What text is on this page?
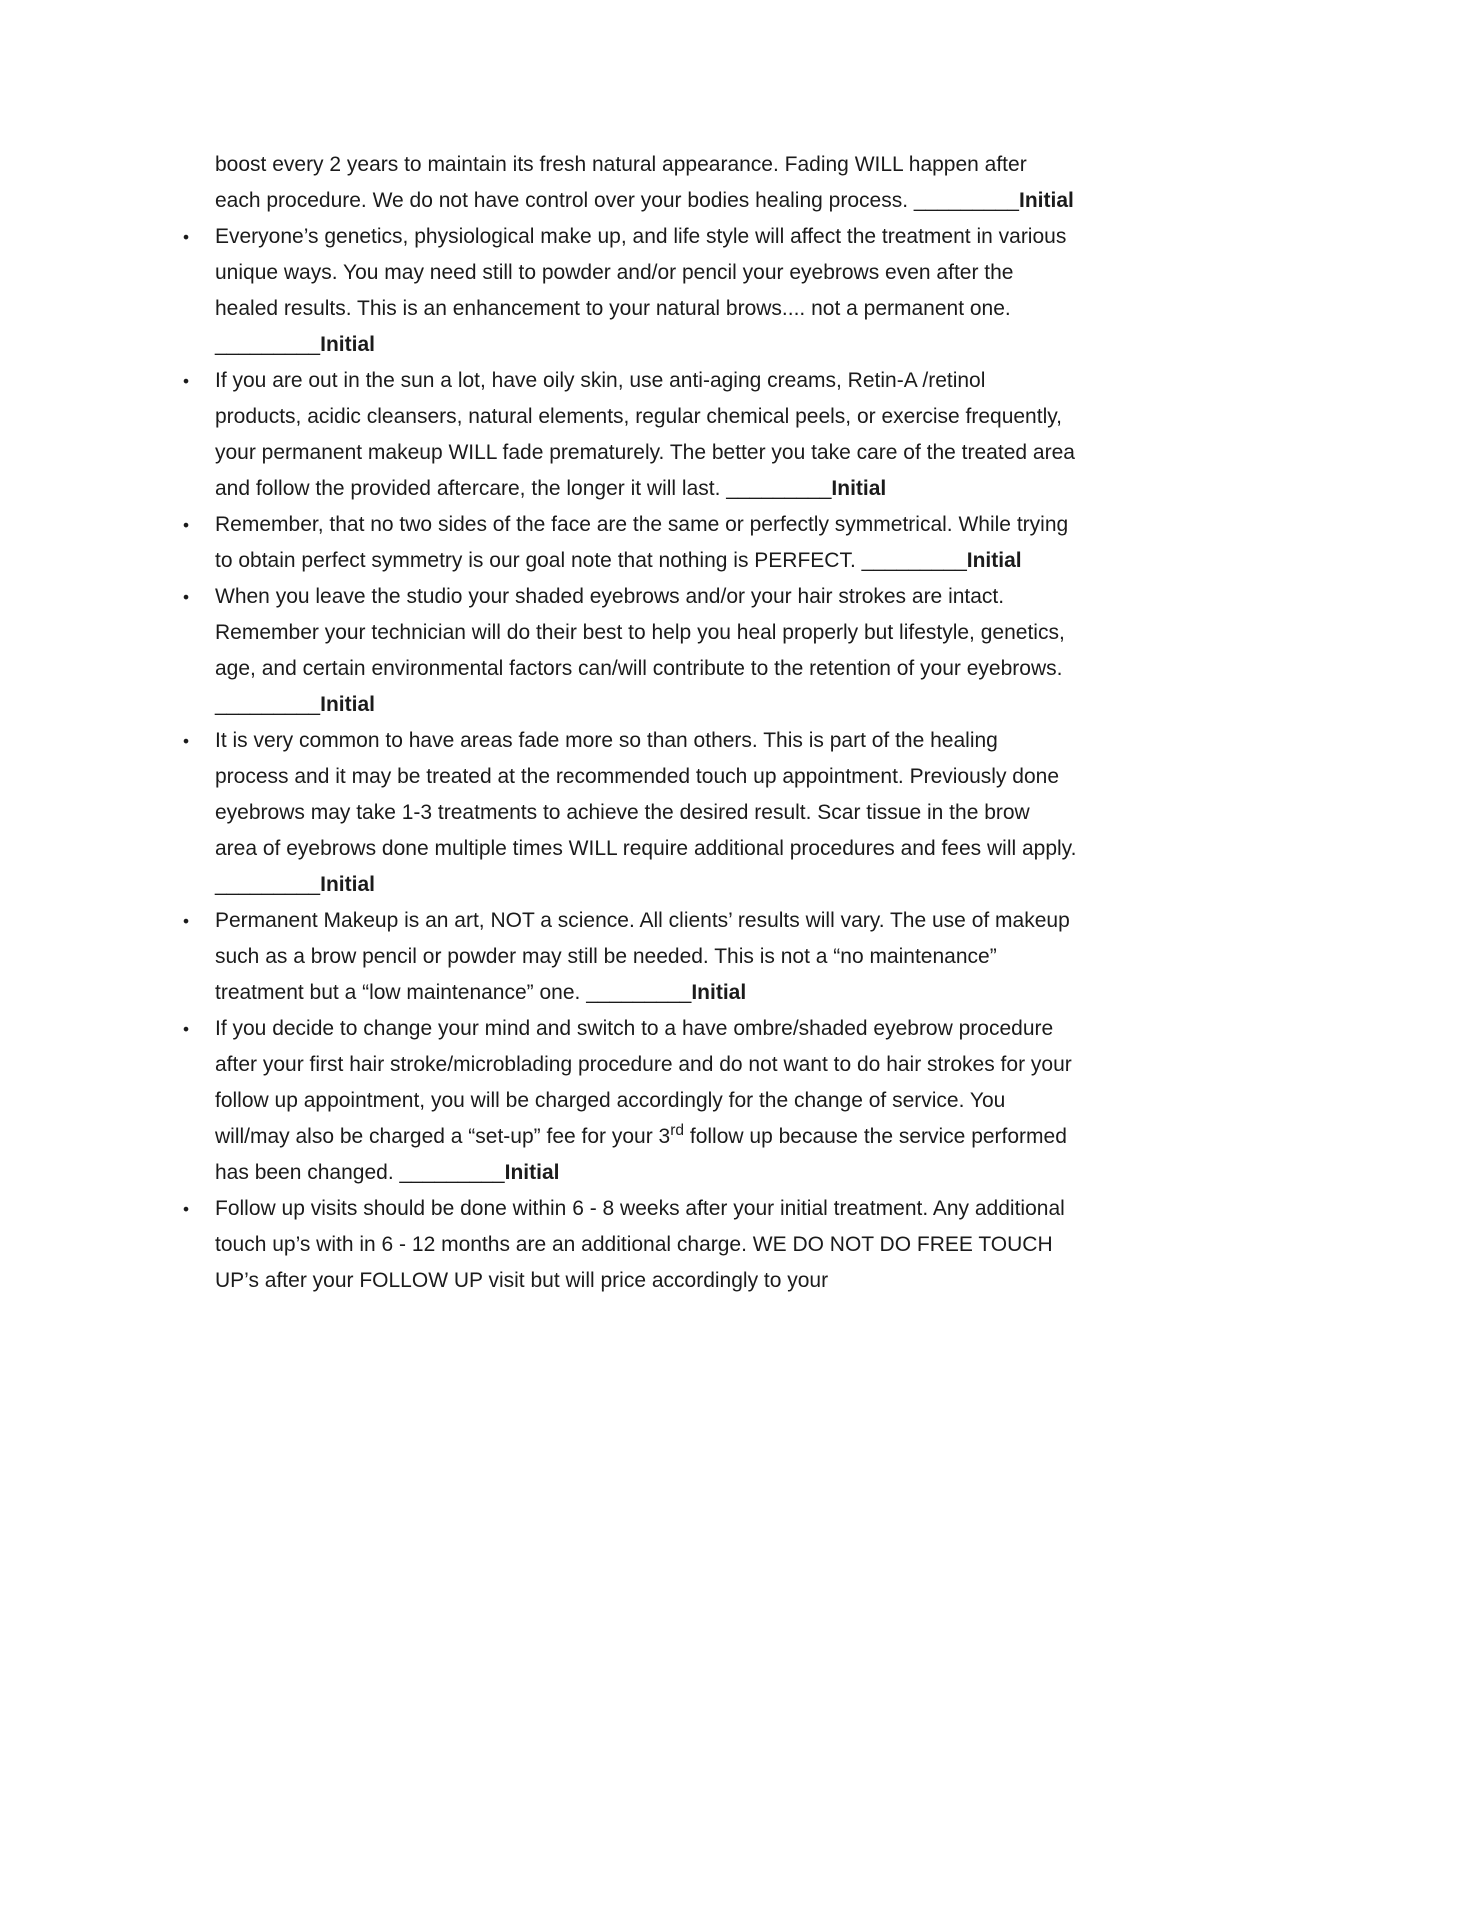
boost every 2 years to maintain its fresh natural appearance. Fading WILL happen after each procedure. We do not have control over your bodies healing process. _________Initial

• Everyone’s genetics, physiological make up, and life style will affect the treatment in various unique ways. You may need still to powder and/or pencil your eyebrows even after the healed results. This is an enhancement to your natural brows.... not a permanent one. _________Initial
• If you are out in the sun a lot, have oily skin, use anti-aging creams, Retin-A /retinol products, acidic cleansers, natural elements, regular chemical peels, or exercise frequently, your permanent makeup WILL fade prematurely. The better you take care of the treated area and follow the provided aftercare, the longer it will last. _________Initial
• Remember, that no two sides of the face are the same or perfectly symmetrical. While trying to obtain perfect symmetry is our goal note that nothing is PERFECT. _________Initial
• When you leave the studio your shaded eyebrows and/or your hair strokes are intact. Remember your technician will do their best to help you heal properly but lifestyle, genetics, age, and certain environmental factors can/will contribute to the retention of your eyebrows. _________Initial
• It is very common to have areas fade more so than others. This is part of the healing process and it may be treated at the recommended touch up appointment. Previously done eyebrows may take 1-3 treatments to achieve the desired result. Scar tissue in the brow area of eyebrows done multiple times WILL require additional procedures and fees will apply. _________Initial
• Permanent Makeup is an art, NOT a science. All clients’ results will vary. The use of makeup such as a brow pencil or powder may still be needed. This is not a “no maintenance” treatment but a “low maintenance” one. _________Initial
• If you decide to change your mind and switch to a have ombre/shaded eyebrow procedure after your first hair stroke/microblading procedure and do not want to do hair strokes for your follow up appointment, you will be charged accordingly for the change of service. You will/may also be charged a “set-up” fee for your 3rd follow up because the service performed has been changed. _________Initial
• Follow up visits should be done within 6 - 8 weeks after your initial treatment. Any additional touch up’s with in 6 - 12 months are an additional charge. WE DO NOT DO FREE TOUCH UP’s after your FOLLOW UP visit but will price accordingly to your
